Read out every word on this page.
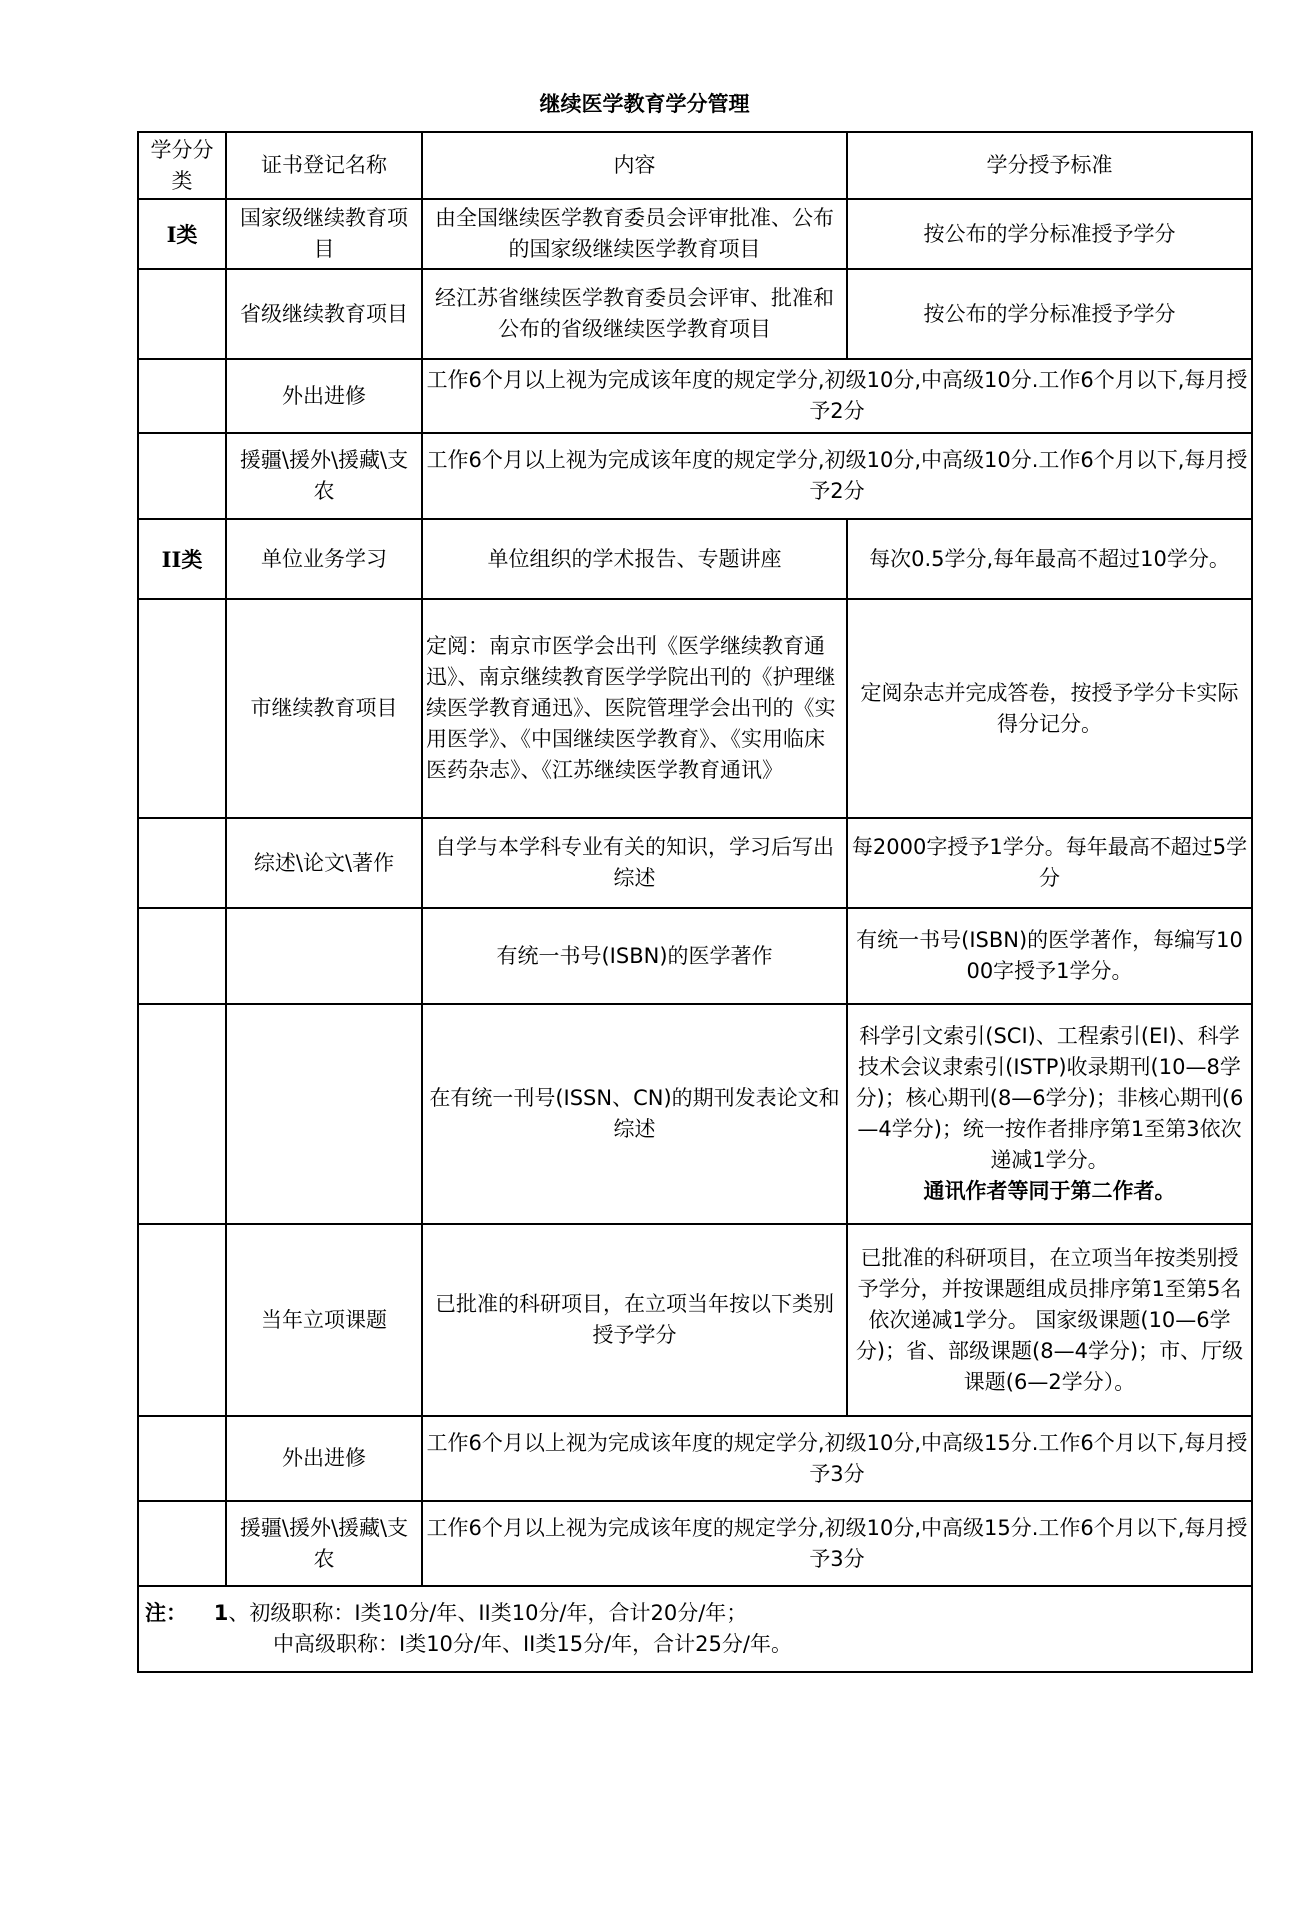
继续医学教育学分管理
学分分类	证书登记名称	内容	学分授予标准
I类	国家级继续教育项目	由全国继续医学教育委员会评审批准、公布的国家级继续医学教育项目	按公布的学分标准授予学分
	省级继续教育项目	经江苏省继续医学教育委员会评审、批准和公布的省级继续医学教育项目	按公布的学分标准授予学分
	外出进修	工作6个月以上视为完成该年度的规定学分,初级10分,中高级10分.工作6个月以下,每月授予2分	
	援疆\援外\援藏\支农	工作6个月以上视为完成该年度的规定学分,初级10分,中高级10分.工作6个月以下,每月授予2分	
II类	单位业务学习	单位组织的学术报告、专题讲座	每次0.5学分,每年最高不超过10学分。
	市继续教育项目	定阅：南京市医学会出刊《医学继续教育通迅》、南京继续教育医学学院出刊的《护理继续医学教育通迅》、医院管理学会出刊的《实用医学》、《中国继续医学教育》、《实用临床医药杂志》、《江苏继续医学教育通讯》	定阅杂志并完成答卷，按授予学分卡实际得分记分。
	综述\论文\著作	自学与本学科专业有关的知识，学习后写出综述	每2000字授予1学分。每年最高不超过5学分
		有统一书号(ISBN)的医学著作	有统一书号(ISBN)的医学著作，每编写1000字授予1学分。
		在有统一刊号(ISSN、CN)的期刊发表论文和综述	科学引文索引(SCI)、工程索引(EI)、科学技术会议隶索引(ISTP)收录期刊(10—8学分)；核心期刊(8—6学分)；非核心期刊(6—4学分)；统一按作者排序第1至第3依次递减1学分。
通讯作者等同于第二作者。

	当年立项课题	已批准的科研项目，在立项当年按以下类别授予学分	已批准的科研项目，在立项当年按类别授予学分，并按课题组成员排序第1至第5名依次递减1学分。 国家级课题(10—6学分)；省、部级课题(8—4学分)；市、厅级课题(6—2学分）。
	外出进修	工作6个月以上视为完成该年度的规定学分,初级10分,中高级15分.工作6个月以下,每月授予3分	
	援疆\援外\援藏\支农	工作6个月以上视为完成该年度的规定学分,初级10分,中高级15分.工作6个月以下,每月授予3分	

注： 1、初级职称：I类10分/年、II类10分/年，合计20分/年；
中高级职称：I类10分/年、II类15分/年，合计25分/年。			
